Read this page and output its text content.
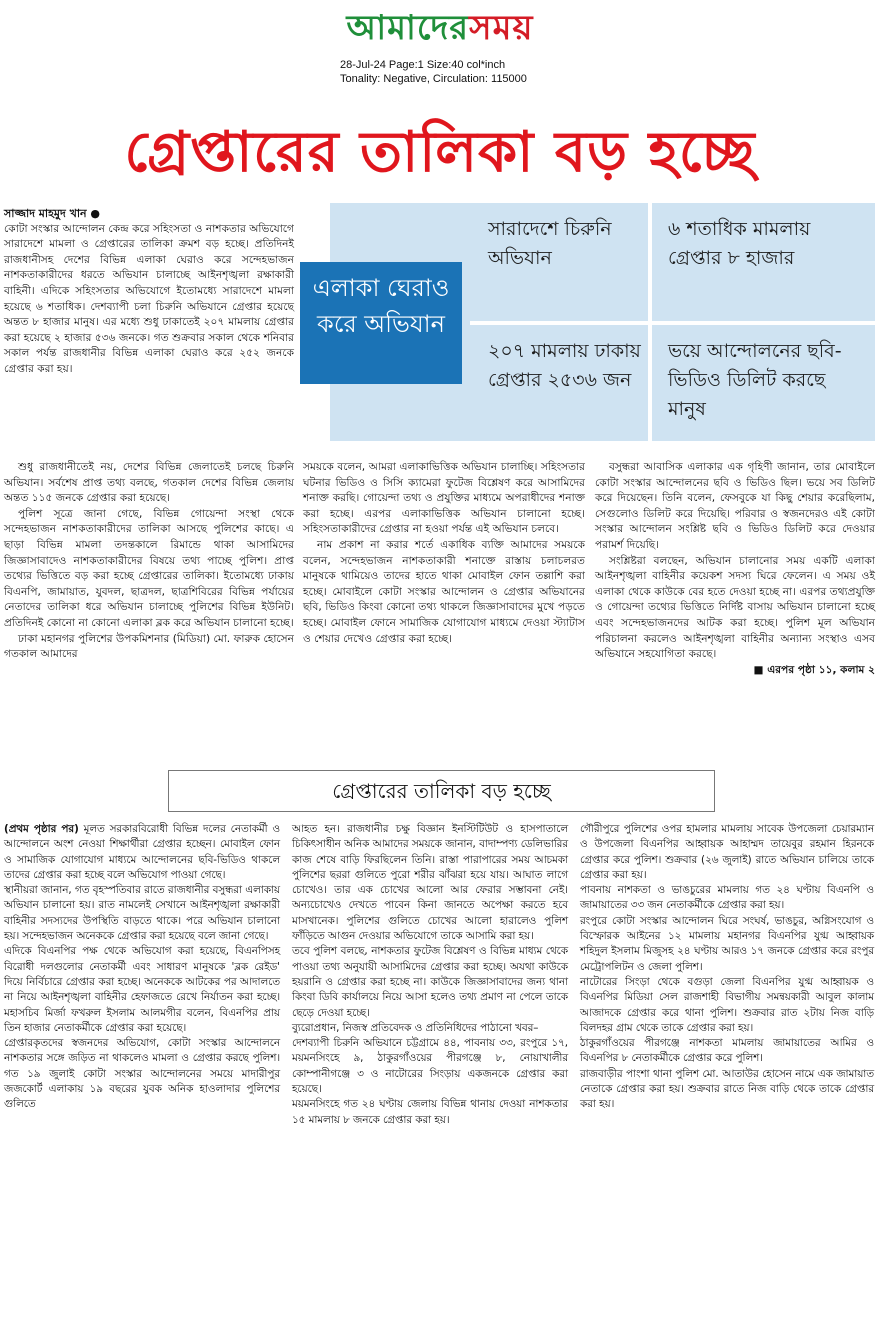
আমাদেরসময়
28-Jul-24 Page:1 Size:40 col*inch
Tonality: Negative, Circulation: 115000
গ্রেপ্তারের তালিকা বড় হচ্ছে
সারাদেশে চিরুনি অভিযান
৬ শতাধিক মামলায় গ্রেপ্তার ৮ হাজার
২০৭ মামলায় ঢাকায় গ্রেপ্তার ২৫৩৬ জন
ভয়ে আন্দোলনের ছবি-ভিডিও ডিলিট করছে মানুষ
এলাকা ঘেরাও করে অভিযান
সাজ্জাদ মাহমুদ খান ●

কোটা সংস্কার আন্দোলন কেন্দ্র করে সহিংসতা ও নাশকতার অভিযোগে সারাদেশে মামলা ও গ্রেপ্তারের তালিকা ক্রমশ বড় হচ্ছে। প্রতিদিনই রাজধানীসহ দেশের বিভিন্ন এলাকা ঘেরাও করে সন্দেহভাজন নাশকতাকারীদের ধরতে অভিযান চালাচ্ছে আইনশৃঙ্খলা রক্ষাকারী বাহিনী। এদিকে সহিংসতার অভিযোগে ইতোমধ্যে সারাদেশে মামলা হয়েছে ৬ শতাধিক। দেশব্যাপী চলা চিরুনি অভিযানে গ্রেপ্তার হয়েছে অন্তত ৮ হাজার মানুষ। এর মধ্যে শুধু ঢাকাতেই ২০৭ মামলায় গ্রেপ্তার করা হয়েছে ২ হাজার ৫৩৬ জনকে। গত শুক্রবার সকাল থেকে শনিবার সকাল পর্যন্ত রাজধানীর বিভিন্ন এলাকা ঘেরাও করে ২৫২ জনকে গ্রেপ্তার করা হয়।

শুধু রাজধানীতেই নয়, দেশের বিভিন্ন জেলাতেই চলছে চিরুনি অভিযান। সর্বশেষ প্রাপ্ত তথ্য বলছে, গতকাল দেশের বিভিন্ন জেলায় অন্তত ১১৫ জনকে গ্রেপ্তার করা হয়েছে।

পুলিশ সূত্রে জানা গেছে, বিভিন্ন গোয়েন্দা সংস্থা থেকে সন্দেহভাজন নাশকতাকারীদের তালিকা আসছে পুলিশের কাছে। এ ছাড়া বিভিন্ন মামলা তদন্তকালে রিমান্ডে থাকা আসামিদের জিজ্ঞাসাবাদেও নাশকতাকারীদের বিষয়ে তথ্য পাচ্ছে পুলিশ। প্রাপ্ত তথ্যের ভিত্তিতে বড় করা হচ্ছে গ্রেপ্তারের তালিকা। ইতোমধ্যে ঢাকায় বিএনপি, জামায়াত, যুবদল, ছাত্রদল, ছাত্রশিবিরের বিভিন্ন পর্যায়ের নেতাদের তালিকা ধরে অভিযান চালাচ্ছে পুলিশের বিভিন্ন ইউনিট। প্রতিদিনই কোনো না কোনো এলাকা ব্লক করে অভিযান চালানো হচ্ছে।

ঢাকা মহানগর পুলিশের উপকমিশনার (মিডিয়া) মো. ফারুক হোসেন গতকাল আমাদের

সময়কে বলেন, আমরা এলাকাভিত্তিক অভিযান চালাচ্ছি। সহিংসতার ঘটনার ভিডিও ও সিসি ক্যামেরা ফুটেজ বিশ্লেষণ করে আসামিদের শনাক্ত করছি। গোয়েন্দা তথ্য ও প্রযুক্তির মাধ্যমে অপরাধীদের শনাক্ত করা হচ্ছে। এরপর এলাকাভিত্তিক অভিযান চালানো হচ্ছে। সহিংসতাকারীদের গ্রেপ্তার না হওয়া পর্যন্ত এই অভিযান চলবে।

নাম প্রকাশ না করার শর্তে একাধিক ব্যক্তি আমাদের সময়কে বলেন, সন্দেহভাজন নাশকতাকারী শনাক্তে রাস্তায় চলাচলরত মানুষকে থামিয়েও তাদের হাতে থাকা মোবাইল ফোন তল্লাশি করা হচ্ছে। মোবাইলে কোটা সংস্কার আন্দোলন ও গ্রেপ্তার অভিযানের ছবি, ভিডিও কিংবা কোনো তথ্য থাকলে জিজ্ঞাসাবাদের মুখে পড়তে হচ্ছে। মোবাইল ফোনে সামাজিক যোগাযোগ মাধ্যমে দেওয়া স্ট্যাটাস ও শেয়ার দেখেও গ্রেপ্তার করা হচ্ছে।

বসুন্ধরা আবাসিক এলাকার এক গৃহিণী জানান, তার মোবাইলে কোটা সংস্কার আন্দোলনের ছবি ও ভিডিও ছিল। ভয়ে সব ডিলিট করে দিয়েছেন। তিনি বলেন, ফেসবুকে যা কিছু শেয়ার করেছিলাম, সেগুলোও ডিলিট করে দিয়েছি। পরিবার ও স্বজনদেরও এই কোটা সংস্কার আন্দোলন সংশ্লিষ্ট ছবি ও ভিডিও ডিলিট করে দেওয়ার পরামর্শ দিয়েছি।

সংশ্লিষ্টরা বলছেন, অভিযান চালানোর সময় একটি এলাকা আইনশৃঙ্খলা বাহিনীর কয়েকশ সদস্য ঘিরে ফেলেন। এ সময় ওই এলাকা থেকে কাউকে বের হতে দেওয়া হচ্ছে না। এরপর তথ্যপ্রযুক্তি ও গোয়েন্দা তথ্যের ভিত্তিতে নির্দিষ্ট বাসায় অভিযান চালানো হচ্ছে এবং সন্দেহভাজনদের আটক করা হচ্ছে। পুলিশ মূল অভিযান পরিচালনা করলেও আইনশৃঙ্খলা বাহিনীর অন্যান্য সংস্থাও এসব অভিযানে সহযোগিতা করছে।

■ এরপর পৃষ্ঠা ১১, কলাম ২
গ্রেপ্তারের তালিকা বড় হচ্ছে
(প্রথম পৃষ্ঠার পর) মূলত সরকারবিরোধী বিভিন্ন দলের নেতাকর্মী ও আন্দোলনে অংশ নেওয়া শিক্ষার্থীরা গ্রেপ্তার হচ্ছেন। মোবাইল ফোন ও সামাজিক যোগাযোগ মাধ্যমে আন্দোলনের ছবি-ভিডিও থাকলে তাদের গ্রেপ্তার করা হচ্ছে বলে অভিযোগ পাওয়া গেছে।
স্থানীয়রা জানান, গত বৃহস্পতিবার রাতে রাজধানীর বসুন্ধরা এলাকায় অভিযান চালানো হয়। রাত নামলেই সেখানে আইনশৃঙ্খলা রক্ষাকারী বাহিনীর সদস্যদের উপস্থিতি বাড়তে থাকে। পরে অভিযান চালানো হয়। সন্দেহভাজন অনেককে গ্রেপ্তার করা হয়েছে বলে জানা গেছে।
এদিকে বিএনপির পক্ষ থেকে অভিযোগ করা হয়েছে, বিএনপিসহ বিরোধী দলগুলোর নেতাকর্মী এবং সাধারণ মানুষকে 'ব্লক রেইড' দিয়ে নির্বিচারে গ্রেপ্তার করা হচ্ছে। অনেককে আটকের পর আদালতে না নিয়ে আইনশৃঙ্খলা বাহিনীর হেফাজতে রেখে নির্যাতন করা হচ্ছে। মহাসচিব মির্জা ফখরুল ইসলাম আলমগীর বলেন, বিএনপির প্রায় তিন হাজার নেতাকর্মীকে গ্রেপ্তার করা হয়েছে।
গ্রেপ্তারকৃতদের স্বজনদের অভিযোগ, কোটা সংস্কার আন্দোলনে নাশকতার সঙ্গে জড়িত না থাকলেও মামলা ও গ্রেপ্তার করছে পুলিশ। গত ১৯ জুলাই কোটা সংস্কার আন্দোলনের সময়ে মাদারীপুর জজকোর্ট এলাকায় ১৯ বছরের যুবক অনিক হাওলাদার পুলিশের গুলিতে
আহত হন। রাজধানীর চক্ষু বিজ্ঞান ইনস্টিটিউট ও হাসপাতালে চিকিৎসাধীন অনিক আমাদের সময়কে জানান, বাদাম্পণ্য ডেলিভারির কাজ শেষে বাড়ি ফিরছিলেন তিনি। রাস্তা পারাপারের সময় আচমকা পুলিশের ছররা গুলিতে পুরো শরীর ঝাঁঝরা হয়ে যায়। আঘাত লাগে চোখেও। তার এক চোখের আলো আর ফেরার সম্ভাবনা নেই। অন্যচোখেও দেখতে পাবেন কিনা জানতে অপেক্ষা করতে হবে মাসখানেক। পুলিশের গুলিতে চোখের আলো হারালেও পুলিশ ফাঁড়িতে আগুন দেওয়ার অভিযোগে তাকে আসামি করা হয়।
তবে পুলিশ বলছে, নাশকতার ফুটেজ বিশ্লেষণ ও বিভিন্ন মাধ্যম থেকে পাওয়া তথ্য অনুযায়ী আসামিদের গ্রেপ্তার করা হচ্ছে। অযথা কাউকে হয়রানি ও গ্রেপ্তার করা হচ্ছে না। কাউকে জিজ্ঞাসাবাদের জন্য থানা কিংবা ডিবি কার্যালয়ে নিয়ে আসা হলেও তথ্য প্রমাণ না পেলে তাকে ছেড়ে দেওয়া হচ্ছে।
ব্যুরোপ্রধান, নিজস্ব প্রতিবেদক ও প্রতিনিধিদের পাঠানো খবর–
দেশব্যাপী চিরুনি অভিযানে চট্টগ্রামে ৪৪, পাবনায় ৩৩, রংপুরে ১৭, ময়মনসিংহে ৯, ঠাকুরগাঁওয়ের পীরগঞ্জে ৮, নোয়াখালীর কোম্পানীগঞ্জে ৩ ও নাটোরের সিংড়ায় একজনকে গ্রেপ্তার করা হয়েছে।
ময়মনসিংহে গত ২৪ ঘণ্টায় জেলায় বিভিন্ন থানায় দেওয়া নাশকতার ১৫ মামলায় ৮ জনকে গ্রেপ্তার করা হয়।
গৌরীপুরে পুলিশের ওপর হামলার মামলায় সাবেক উপজেলা চেয়ারম্যান ও উপজেলা বিএনপির আহ্বায়ক আহাম্মদ তায়েবুর রহমান হিরনকে গ্রেপ্তার করে পুলিশ। শুক্রবার (২৬ জুলাই) রাতে অভিযান চালিয়ে তাকে গ্রেপ্তার করা হয়।
পাবনায় নাশকতা ও ভাঙচুরের মামলায় গত ২৪ ঘণ্টায় বিএনপি ও জামায়াতের ৩৩ জন নেতাকর্মীকে গ্রেপ্তার করা হয়।
রংপুরে কোটা সংস্কার আন্দোলন ঘিরে সংঘর্ষ, ভাঙচুর, অগ্নিসংযোগ ও বিস্ফোরক আইনের ১২ মামলায় মহানগর বিএনপির যুগ্ম আহ্বায়ক শহিদুল ইসলাম মিজুসহ ২৪ ঘণ্টায় আরও ১৭ জনকে গ্রেপ্তার করে রংপুর মেট্রোপলিটন ও জেলা পুলিশ।
নাটোরের সিংড়া থেকে বগুড়া জেলা বিএনপির যুগ্ম আহ্বায়ক ও বিএনপির মিডিয়া সেল রাজশাহী বিভাগীয় সমন্বয়কারী আবুল কালাম আজাদকে গ্রেপ্তার করে থানা পুলিশ। শুক্রবার রাত ২টায় নিজ বাড়ি বিলদহর গ্রাম থেকে তাকে গ্রেপ্তার করা হয়।
ঠাকুরগাঁওয়ের পীরগঞ্জে নাশকতা মামলায় জামায়াতের আমির ও বিএনপির ৮ নেতাকর্মীকে গ্রেপ্তার করে পুলিশ।
রাজবাড়ীর পাংশা থানা পুলিশ মো. আতাউর হোসেন নামে এক জামায়াত নেতাকে গ্রেপ্তার করা হয়। শুক্রবার রাতে নিজ বাড়ি থেকে তাকে গ্রেপ্তার করা হয়।
